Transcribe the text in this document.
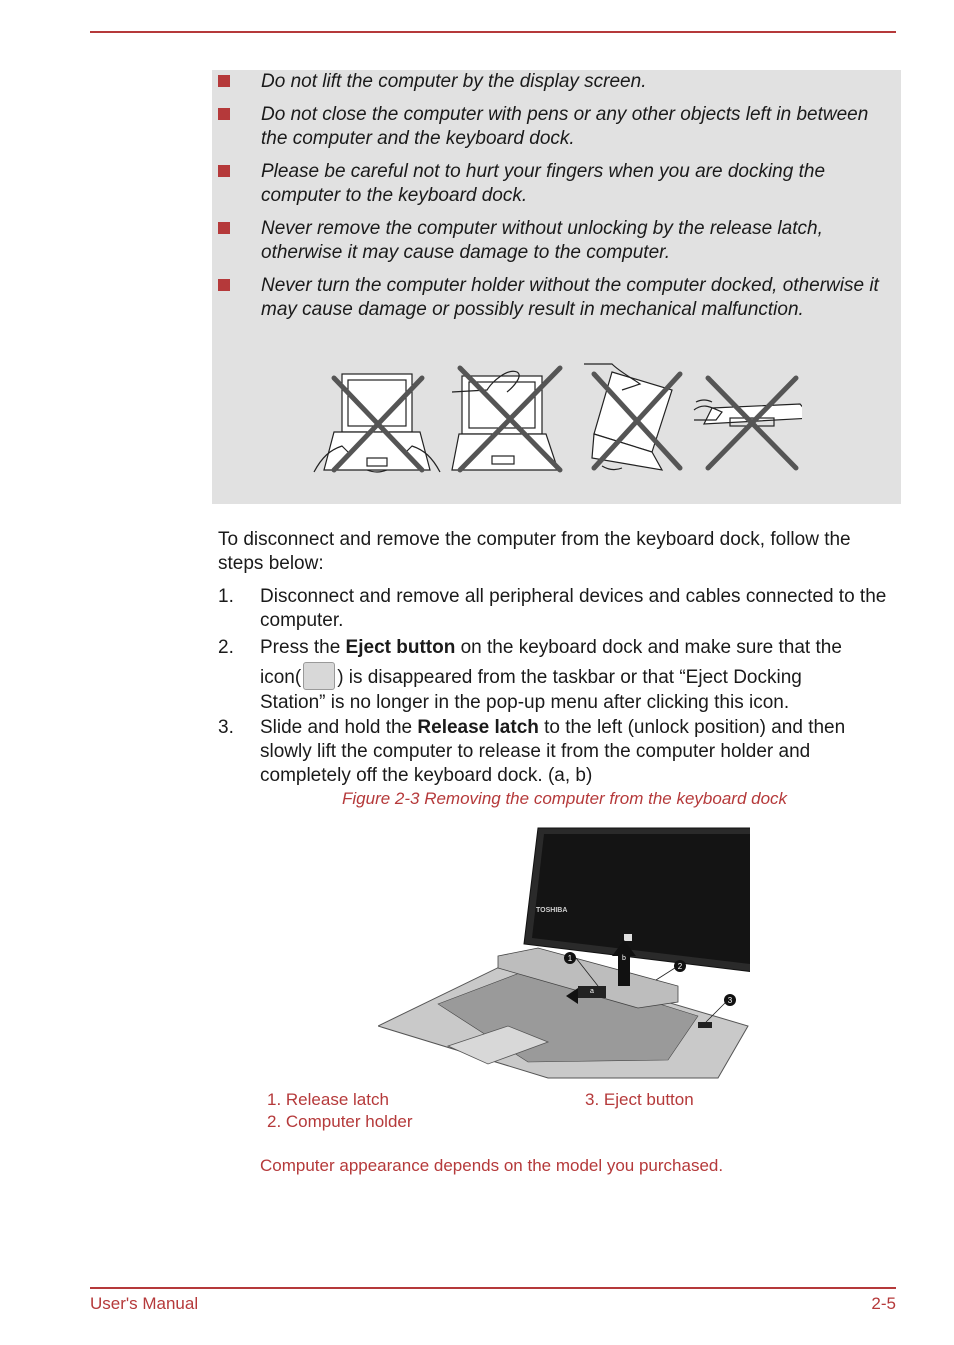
Do not lift the computer by the display screen.
Do not close the computer with pens or any other objects left in between the computer and the keyboard dock.
Please be careful not to hurt your fingers when you are docking the computer to the keyboard dock.
Never remove the computer without unlocking by the release latch, otherwise it may cause damage to the computer.
Never turn the computer holder without the computer docked, otherwise it may cause damage or possibly result in mechanical malfunction.
To disconnect and remove the computer from the keyboard dock, follow the steps below:
1. Disconnect and remove all peripheral devices and cables connected to the computer.
2. Press the Eject button on the keyboard dock and make sure that the
icon( ) is disappeared from the taskbar or that “Eject Docking
Station” is no longer in the pop-up menu after clicking this icon.
3. Slide and hold the Release latch to the left (unlock position) and then slowly lift the computer to release it from the computer holder and completely off the keyboard dock. (a, b)
Figure 2-3 Removing the computer from the keyboard dock
TOSHIBA
1
2
3
a
b
1. Release latch
2. Computer holder
3. Eject button
Computer appearance depends on the model you purchased.
User's Manual	2-5
